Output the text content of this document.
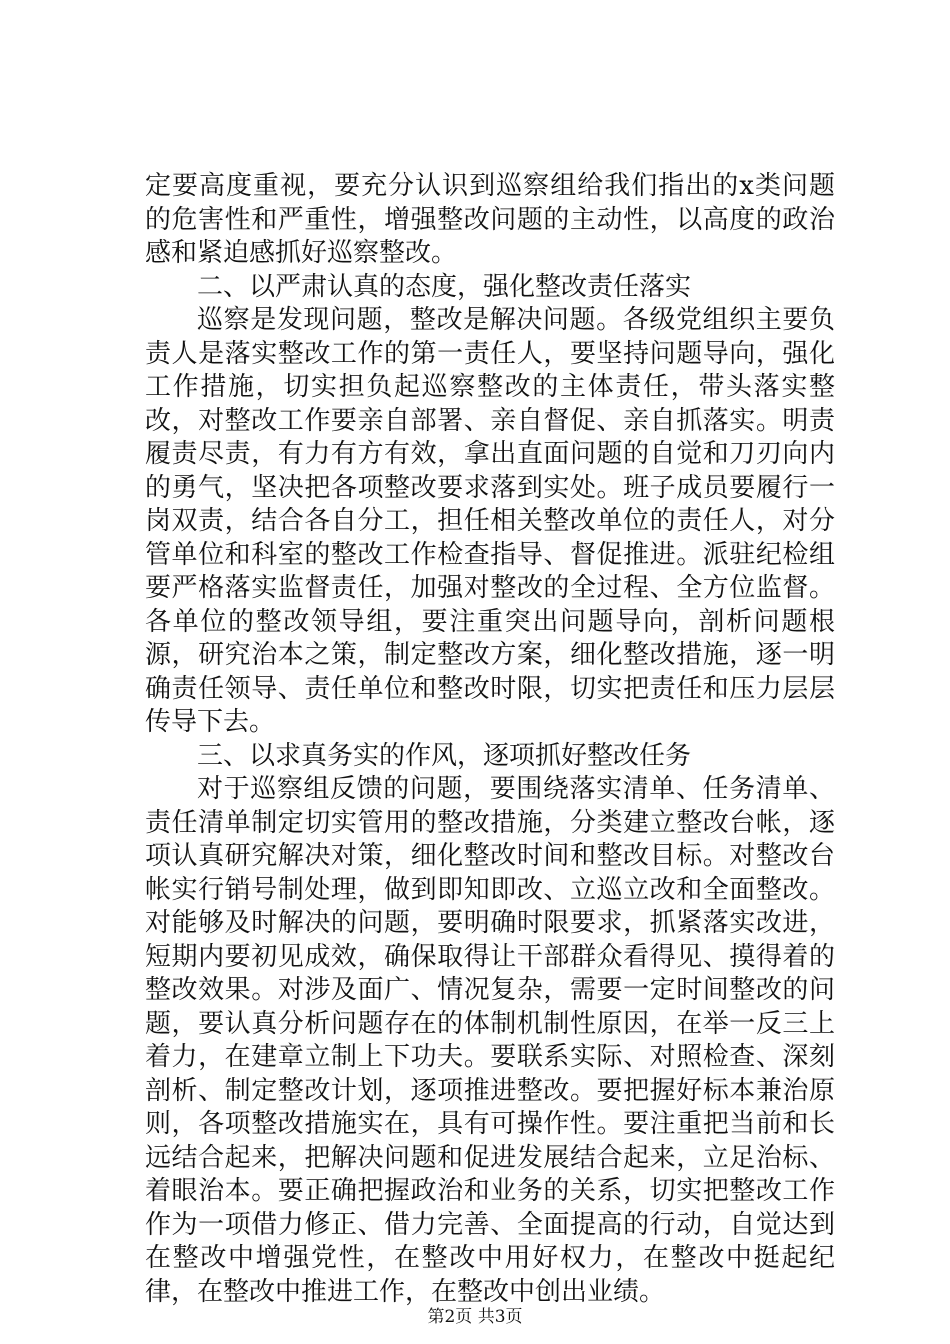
定要高度重视，要充分认识到巡察组给我们指出的x类问题的危害性和严重性，增强整改问题的主动性，以高度的政治感和紧迫感抓好巡察整改。

二、以严肃认真的态度，强化整改责任落实

巡察是发现问题，整改是解决问题。各级党组织主要负责人是落实整改工作的第一责任人，要坚持问题导向，强化工作措施，切实担负起巡察整改的主体责任，带头落实整改，对整改工作要亲自部署、亲自督促、亲自抓落实。明责履责尽责，有力有方有效，拿出直面问题的自觉和刀刃向内的勇气，坚决把各项整改要求落到实处。班子成员要履行一岗双责，结合各自分工，担任相关整改单位的责任人，对分管单位和科室的整改工作检查指导、督促推进。派驻纪检组要严格落实监督责任，加强对整改的全过程、全方位监督。各单位的整改领导组，要注重突出问题导向，剖析问题根源，研究治本之策，制定整改方案，细化整改措施，逐一明确责任领导、责任单位和整改时限，切实把责任和压力层层传导下去。

三、以求真务实的作风，逐项抓好整改任务

对于巡察组反馈的问题，要围绕落实清单、任务清单、责任清单制定切实管用的整改措施，分类建立整改台帐，逐项认真研究解决对策，细化整改时间和整改目标。对整改台帐实行销号制处理，做到即知即改、立巡立改和全面整改。对能够及时解决的问题，要明确时限要求，抓紧落实改进，短期内要初见成效，确保取得让干部群众看得见、摸得着的整改效果。对涉及面广、情况复杂，需要一定时间整改的问题，要认真分析问题存在的体制机制性原因，在举一反三上着力，在建章立制上下功夫。要联系实际、对照检查、深刻剖析、制定整改计划，逐项推进整改。要把握好标本兼治原则，各项整改措施实在，具有可操作性。要注重把当前和长远结合起来，把解决问题和促进发展结合起来，立足治标、着眼治本。要正确把握政治和业务的关系，切实把整改工作作为一项借力修正、借力完善、全面提高的行动，自觉达到在整改中增强党性，在整改中用好权力，在整改中挺起纪律，在整改中推进工作，在整改中创出业绩。

第2页 共3页
